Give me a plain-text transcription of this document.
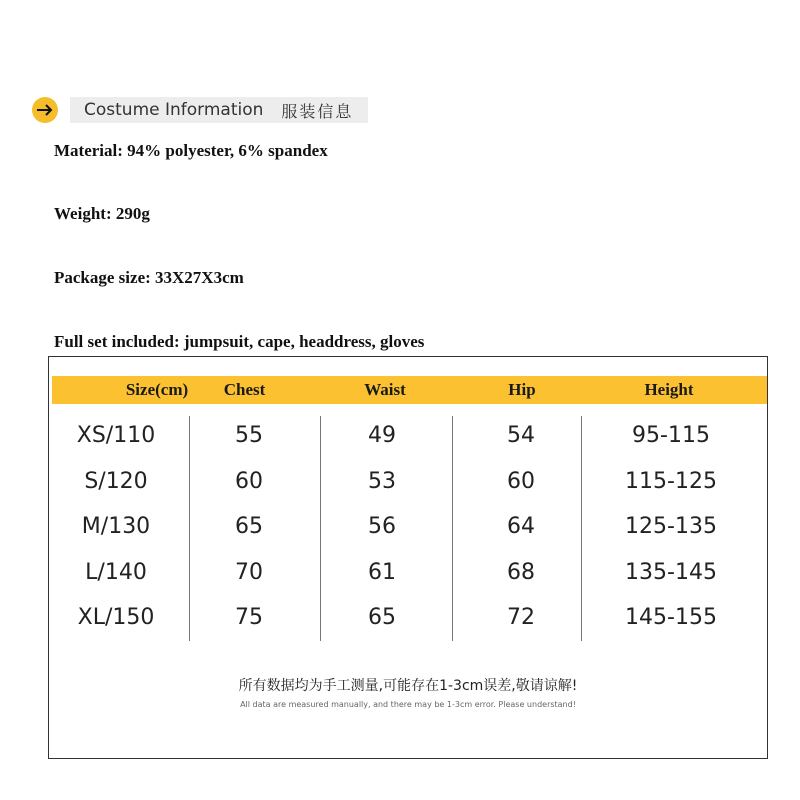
Costume Information 服装信息
Material: 94% polyester, 6% spandex
Weight: 290g
Package size: 33X27X3cm
Full set included: jumpsuit, cape, headdress, gloves
Size(cm)	Chest	Waist	Hip	Height
XS/110	55	49	54	95-115
S/120	60	53	60	115-125
M/130	65	56	64	125-135
L/140	70	61	68	135-145
XL/150	75	65	72	145-155
所有数据均为手工测量,可能存在1-3cm误差,敬请谅解!
All data are measured manually, and there may be 1-3cm error. Please understand!
